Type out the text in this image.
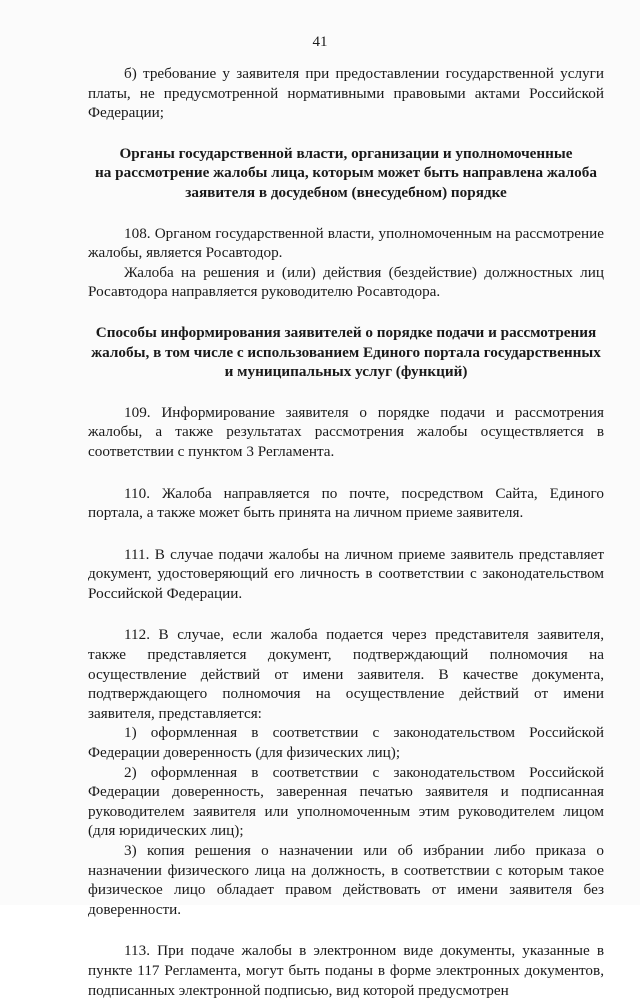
41

б) требование у заявителя при предоставлении государственной услуги платы, не предусмотренной нормативными правовыми актами Российской Федерации;

Органы государственной власти, организации и уполномоченные

на рассмотрение жалобы лица, которым может быть направлена жалоба

заявителя в досудебном (внесудебном) порядке

108. Органом государственной власти, уполномоченным на рассмотрение жалобы, является Росавтодор.

Жалоба на решения и (или) действия (бездействие) должностных лиц Росавтодора направляется руководителю Росавтодора.

Способы информирования заявителей о порядке подачи и рассмотрения

жалобы, в том числе с использованием Единого портала государственных

и муниципальных услуг (функций)

109. Информирование заявителя о порядке подачи и рассмотрения жалобы, а также результатах рассмотрения жалобы осуществляется в соответствии с пунктом 3 Регламента.

110. Жалоба направляется по почте, посредством Сайта, Единого портала, а также может быть принята на личном приеме заявителя.

111. В случае подачи жалобы на личном приеме заявитель представляет документ, удостоверяющий его личность в соответствии с законодательством Российской Федерации.

112. В случае, если жалоба подается через представителя заявителя, также представляется документ, подтверждающий полномочия на осуществление действий от имени заявителя. В качестве документа, подтверждающего полномочия на осуществление действий от имени заявителя, представляется:

1) оформленная в соответствии с законодательством Российской Федерации доверенность (для физических лиц);

2) оформленная в соответствии с законодательством Российской Федерации доверенность, заверенная печатью заявителя и подписанная руководителем заявителя или уполномоченным этим руководителем лицом (для юридических лиц);

3) копия решения о назначении или об избрании либо приказа о назначении физического лица на должность, в соответствии с которым такое физическое лицо обладает правом действовать от имени заявителя без доверенности.

113. При подаче жалобы в электронном виде документы, указанные в пункте 117 Регламента, могут быть поданы в форме электронных документов, подписанных электронной подписью, вид которой предусмотрен
